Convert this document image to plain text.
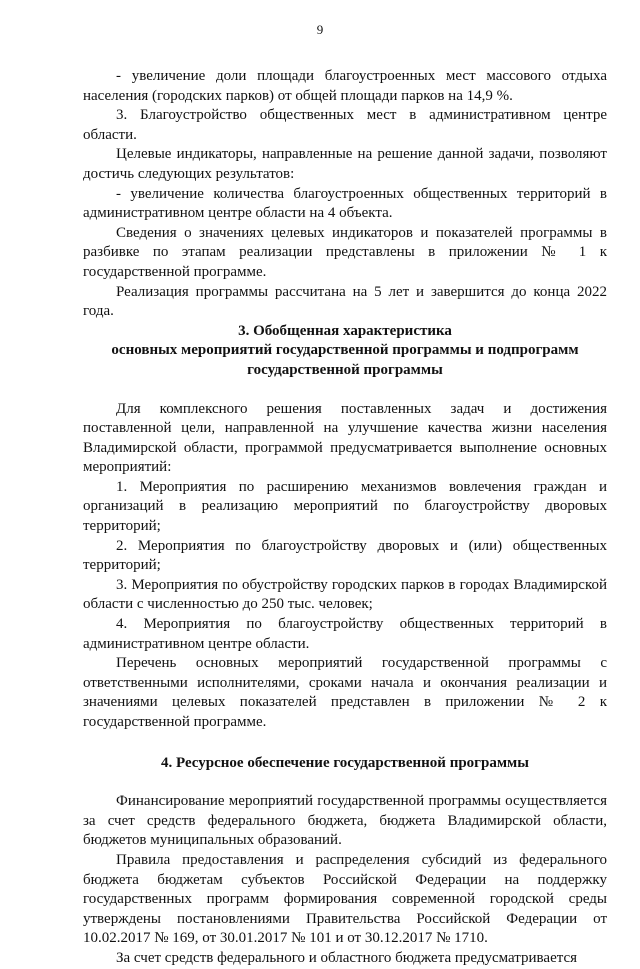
9

- увеличение доли площади благоустроенных мест массового отдыха населения (городских парков) от общей площади парков на 14,9 %.

3. Благоустройство общественных мест в административном центре области.

Целевые индикаторы, направленные на решение данной задачи, позволяют достичь следующих результатов:

- увеличение количества благоустроенных общественных территорий в административном центре области на 4 объекта.

Сведения о значениях целевых индикаторов и показателей программы в разбивке по этапам реализации представлены в приложении № 1 к государственной программе.

Реализация программы рассчитана на 5 лет и завершится до конца 2022 года.

3. Обобщенная характеристика
основных мероприятий государственной программы и подпрограмм
государственной программы

Для комплексного решения поставленных задач и достижения поставленной цели, направленной на улучшение качества жизни населения Владимирской области, программой предусматривается выполнение основных мероприятий:

1. Мероприятия по расширению механизмов вовлечения граждан и организаций в реализацию мероприятий по благоустройству дворовых территорий;

2. Мероприятия по благоустройству дворовых и (или) общественных территорий;

3. Мероприятия по обустройству городских парков в городах Владимирской области с численностью до 250 тыс. человек;

4. Мероприятия по благоустройству общественных территорий в административном центре области.

Перечень основных мероприятий государственной программы с ответственными исполнителями, сроками начала и окончания реализации и значениями целевых показателей представлен в приложении № 2 к государственной программе.

4. Ресурсное обеспечение государственной программы

Финансирование мероприятий государственной программы осуществляется за счет средств федерального бюджета, бюджета Владимирской области, бюджетов муниципальных образований.

Правила предоставления и распределения субсидий из федерального бюджета бюджетам субъектов Российской Федерации на поддержку государственных программ формирования современной городской среды утверждены постановлениями Правительства Российской Федерации от 10.02.2017 № 169, от 30.01.2017 № 101 и от 30.12.2017 № 1710.

За счет средств федерального и областного бюджета предусматривается
